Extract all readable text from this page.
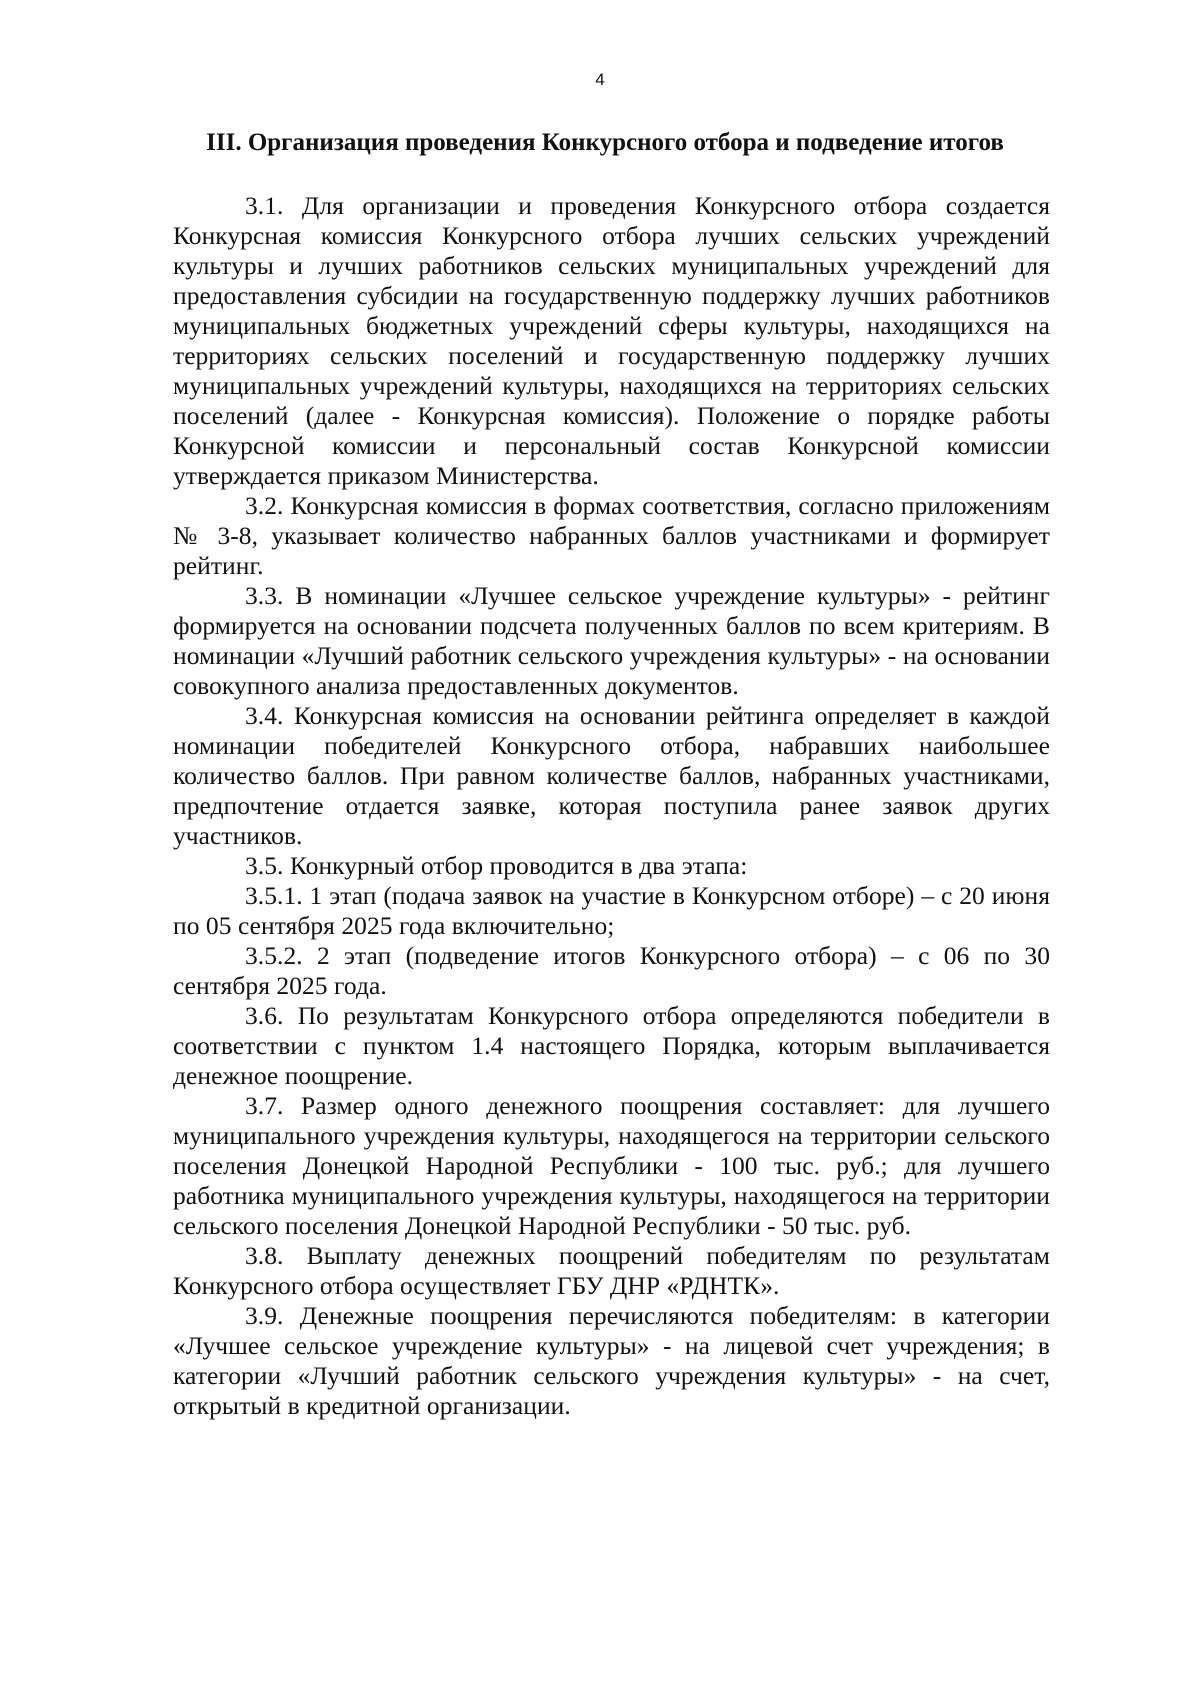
4
III. Организация проведения Конкурсного отбора и подведение итогов

3.1. Для организации и проведения Конкурсного отбора создается Конкурсная комиссия Конкурсного отбора лучших сельских учреждений культуры и лучших работников сельских муниципальных учреждений для предоставления субсидии на государственную поддержку лучших работников муниципальных бюджетных учреждений сферы культуры, находящихся на территориях сельских поселений и государственную поддержку лучших муниципальных учреждений культуры, находящихся на территориях сельских поселений (далее - Конкурсная комиссия). Положение о порядке работы Конкурсной комиссии и персональный состав Конкурсной комиссии утверждается приказом Министерства.

3.2. Конкурсная комиссия в формах соответствия, согласно приложениям № 3-8, указывает количество набранных баллов участниками и формирует рейтинг.

3.3. В номинации «Лучшее сельское учреждение культуры» - рейтинг формируется на основании подсчета полученных баллов по всем критериям. В номинации «Лучший работник сельского учреждения культуры» - на основании совокупного анализа предоставленных документов.

3.4. Конкурсная комиссия на основании рейтинга определяет в каждой номинации победителей Конкурсного отбора, набравших наибольшее количество баллов. При равном количестве баллов, набранных участниками, предпочтение отдается заявке, которая поступила ранее заявок других участников.

3.5. Конкурный отбор проводится в два этапа:

3.5.1. 1 этап (подача заявок на участие в Конкурсном отборе) – с 20 июня по 05 сентября 2025 года включительно;

3.5.2. 2 этап (подведение итогов Конкурсного отбора) – с 06 по 30 сентября 2025 года.

3.6. По результатам Конкурсного отбора определяются победители в соответствии с пунктом 1.4 настоящего Порядка, которым выплачивается денежное поощрение.

3.7. Размер одного денежного поощрения составляет: для лучшего муниципального учреждения культуры, находящегося на территории сельского поселения Донецкой Народной Республики - 100 тыс. руб.; для лучшего работника муниципального учреждения культуры, находящегося на территории сельского поселения Донецкой Народной Республики - 50 тыс. руб.

3.8. Выплату денежных поощрений победителям по результатам Конкурсного отбора осуществляет ГБУ ДНР «РДНТК».

3.9. Денежные поощрения перечисляются победителям: в категории «Лучшее сельское учреждение культуры» - на лицевой счет учреждения; в категории «Лучший работник сельского учреждения культуры» - на счет, открытый в кредитной организации.
